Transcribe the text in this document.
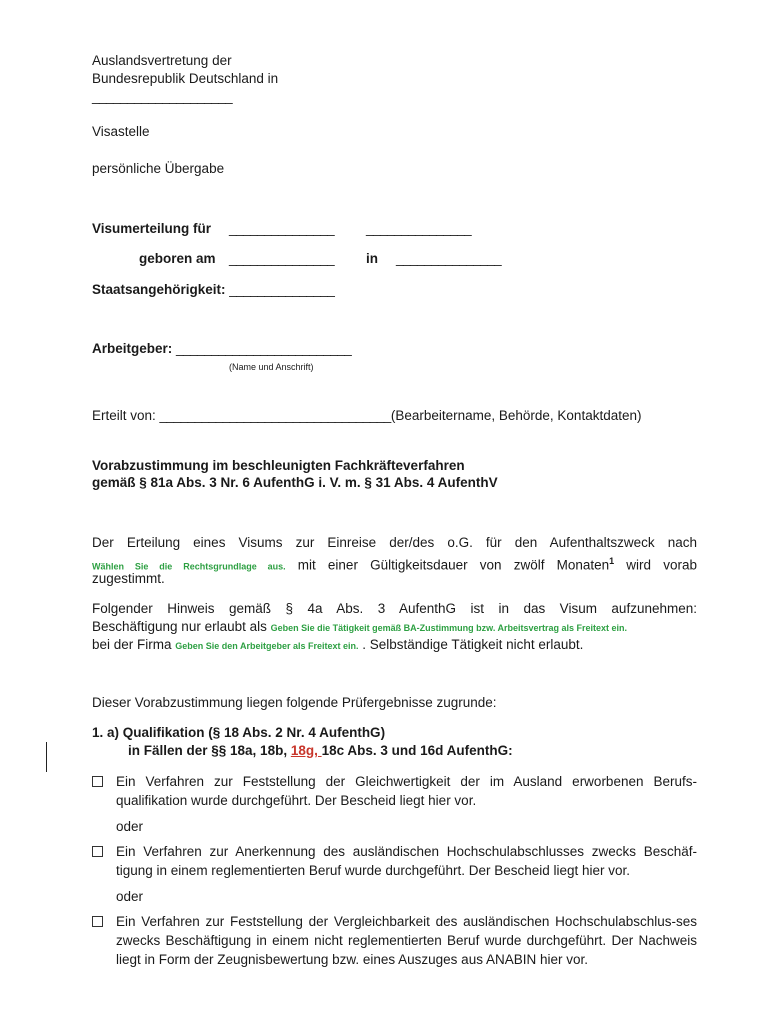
Auslandsvertretung der
Bundesrepublik Deutschland in
____________________
Visastelle
persönliche Übergabe
Visumerteilung für _______________ _______________
geboren am _______________ in _______________
Staatsangehörigkeit: _______________
Arbeitgeber: _________________________
(Name und Anschrift)
Erteilt von: _________________________________(Bearbeitername, Behörde, Kontaktdaten)
Vorabzustimmung im beschleunigten Fachkräfteverfahren
gemäß § 81a Abs. 3 Nr. 6 AufenthG i. V. m. § 31 Abs. 4 AufenthV
Der Erteilung eines Visums zur Einreise der/des o.G. für den Aufenthaltszweck nach
Wählen Sie die Rechtsgrundlage aus. mit einer Gültigkeitsdauer von zwölf Monaten$^1$ wird vorab
zugestimmt.
Folgender Hinweis gemäß § 4a Abs. 3 AufenthG ist in das Visum aufzunehmen:
Beschäftigung nur erlaubt als Geben Sie die Tätigkeit gemäß BA-Zustimmung bzw. Arbeitsvertrag als Freitext ein.
bei der Firma Geben Sie den Arbeitgeber als Freitext ein. . Selbständige Tätigkeit nicht erlaubt.
Dieser Vorabzustimmung liegen folgende Prüfergebnisse zugrunde:
1. a) Qualifikation (§ 18 Abs. 2 Nr. 4 AufenthG)
in Fällen der §§ 18a, 18b, 18g, 18c Abs. 3 und 16d AufenthG:
Ein Verfahren zur Feststellung der Gleichwertigkeit der im Ausland erworbenen Berufs-qualifikation wurde durchgeführt. Der Bescheid liegt hier vor.
oder
Ein Verfahren zur Anerkennung des ausländischen Hochschulabschlusses zwecks Beschäf-tigung in einem reglementierten Beruf wurde durchgeführt. Der Bescheid liegt hier vor.
oder
Ein Verfahren zur Feststellung der Vergleichbarkeit des ausländischen Hochschulabschlus-ses zwecks Beschäftigung in einem nicht reglementierten Beruf wurde durchgeführt. Der Nachweis liegt in Form der Zeugnisbewertung bzw. eines Auszuges aus ANABIN hier vor.
